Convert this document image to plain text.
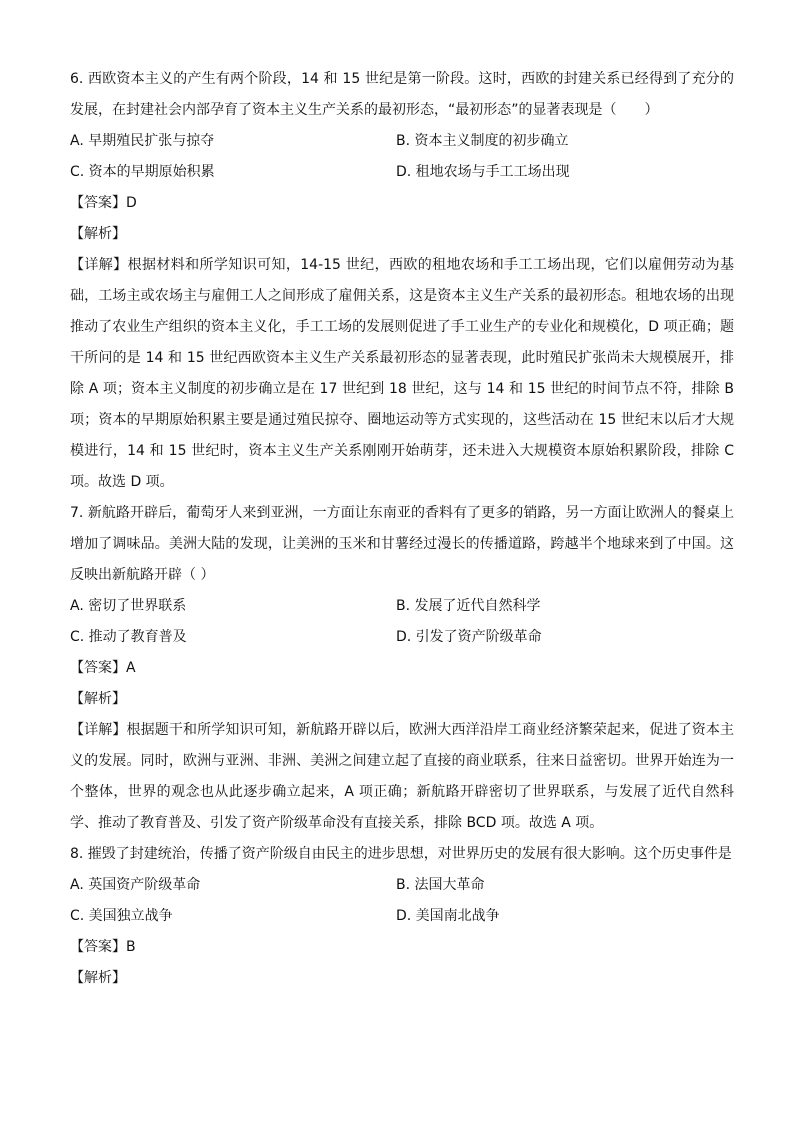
6. 西欧资本主义的产生有两个阶段，14 和 15 世纪是第一阶段。这时，西欧的封建关系已经得到了充分的发展，在封建社会内部孕育了资本主义生产关系的最初形态，“最初形态”的显著表现是（　　）
A. 早期殖民扩张与掠夺	B. 资本主义制度的初步确立
C. 资本的早期原始积累	D. 租地农场与手工工场出现
【答案】D
【解析】
【详解】根据材料和所学知识可知，14-15 世纪，西欧的租地农场和手工工场出现，它们以雇佣劳动为基础，工场主或农场主与雇佣工人之间形成了雇佣关系，这是资本主义生产关系的最初形态。租地农场的出现推动了农业生产组织的资本主义化，手工工场的发展则促进了手工业生产的专业化和规模化，D 项正确；题干所问的是 14 和 15 世纪西欧资本主义生产关系最初形态的显著表现，此时殖民扩张尚未大规模展开，排除 A 项；资本主义制度的初步确立是在 17 世纪到 18 世纪，这与 14 和 15 世纪的时间节点不符，排除 B 项；资本的早期原始积累主要是通过殖民掠夺、圈地运动等方式实现的，这些活动在 15 世纪末以后才大规模进行，14 和 15 世纪时，资本主义生产关系刚刚开始萌芽，还未进入大规模资本原始积累阶段，排除 C 项。故选 D 项。
7. 新航路开辟后，葡萄牙人来到亚洲，一方面让东南亚的香料有了更多的销路，另一方面让欧洲人的餐桌上增加了调味品。美洲大陆的发现，让美洲的玉米和甘薯经过漫长的传播道路，跨越半个地球来到了中国。这反映出新航路开辟（ ）
A. 密切了世界联系	B. 发展了近代自然科学
C. 推动了教育普及	D. 引发了资产阶级革命
【答案】A
【解析】
【详解】根据题干和所学知识可知，新航路开辟以后，欧洲大西洋沿岸工商业经济繁荣起来，促进了资本主义的发展。同时，欧洲与亚洲、非洲、美洲之间建立起了直接的商业联系，往来日益密切。世界开始连为一个整体，世界的观念也从此逐步确立起来，A 项正确；新航路开辟密切了世界联系，与发展了近代自然科学、推动了教育普及、引发了资产阶级革命没有直接关系，排除 BCD 项。故选 A 项。
8. 摧毁了封建统治，传播了资产阶级自由民主的进步思想，对世界历史的发展有很大影响。这个历史事件是
A. 英国资产阶级革命	B. 法国大革命
C. 美国独立战争	D. 美国南北战争
【答案】B
【解析】
